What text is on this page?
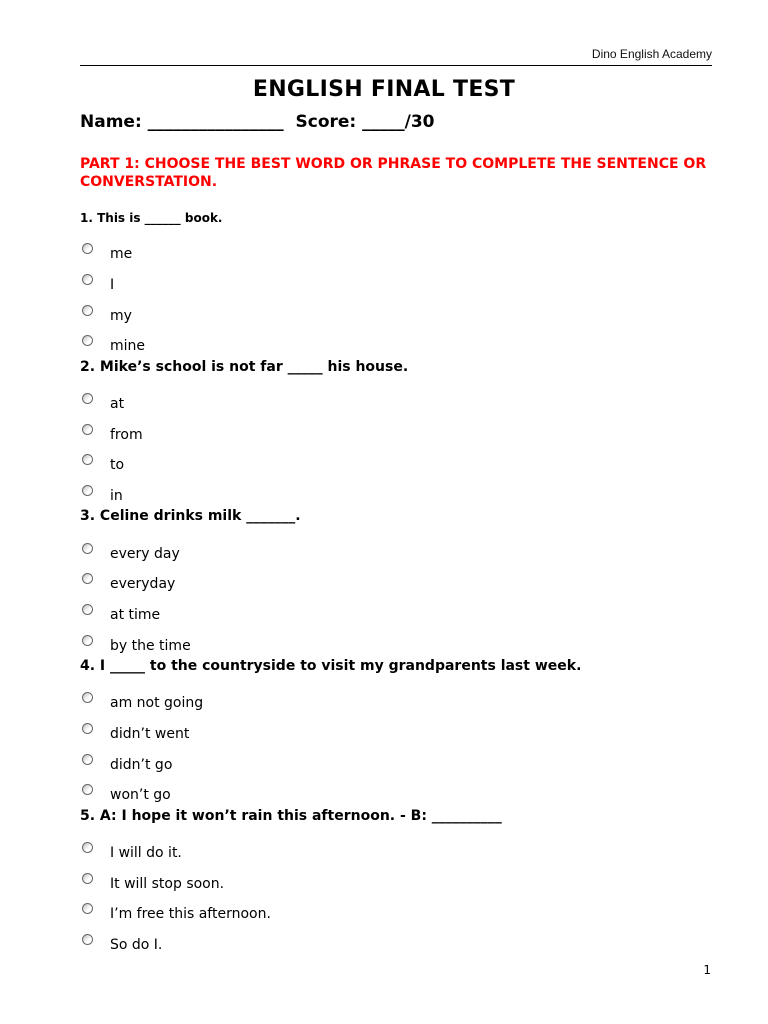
Dino English Academy
ENGLISH FINAL TEST
Name: ________________  Score: _____/30
PART 1: CHOOSE THE BEST WORD OR PHRASE TO COMPLETE THE SENTENCE OR CONVERSTATION.
1. This is ______ book.
me
I
my
mine
2. Mike’s school is not far _____ his house.
at
from
to
in
3. Celine drinks milk _______.
every day
everyday
at time
by the time
4. I _____ to the countryside to visit my grandparents last week.
am not going
didn’t went
didn’t go
won’t go
5. A: I hope it won’t rain this afternoon. - B: __________
I will do it.
It will stop soon.
I’m free this afternoon.
So do I.
1
